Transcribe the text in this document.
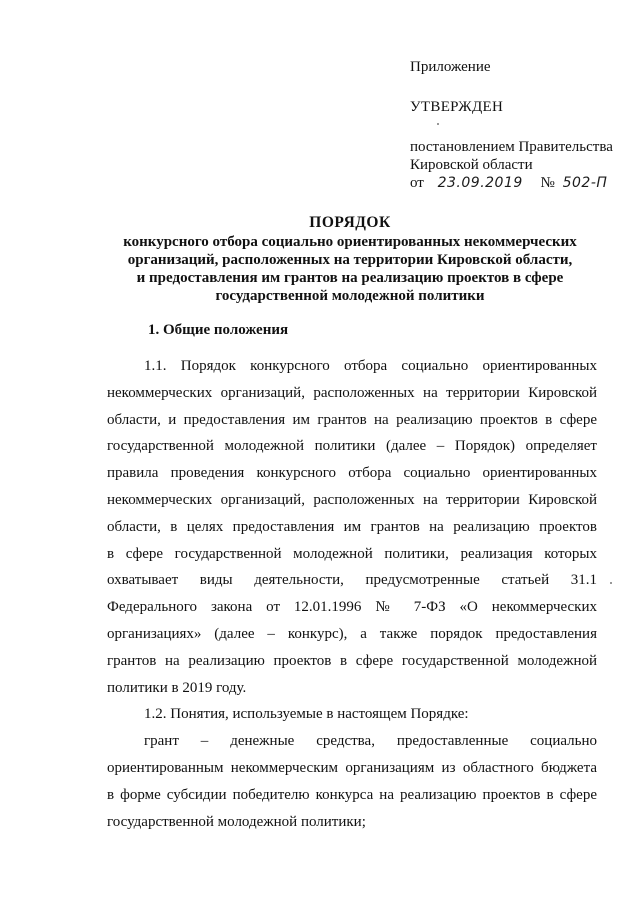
Приложение
УТВЕРЖДЕН
постановлением Правительства
Кировской области
от 23.09.2019 № 502-П
ПОРЯДОК
конкурсного отбора социально ориентированных некоммерческих
организаций, расположенных на территории Кировской области,
и предоставления им грантов на реализацию проектов в сфере
государственной молодежной политики
1. Общие положения

1.1. Порядок конкурсного отбора социально ориентированных
некоммерческих организаций, расположенных на территории Кировской
области, и предоставления им грантов на реализацию проектов в сфере
государственной молодежной политики (далее – Порядок) определяет
правила проведения конкурсного отбора социально ориентированных
некоммерческих организаций, расположенных на территории Кировской
области, в целях предоставления им грантов на реализацию проектов
в сфере государственной молодежной политики, реализация которых
охватывает виды деятельности, предусмотренные статьей 31.1
Федерального закона от 12.01.1996 № 7-ФЗ «О некоммерческих
организациях» (далее – конкурс), а также порядок предоставления
грантов на реализацию проектов в сфере государственной молодежной
политики в 2019 году.

1.2. Понятия, используемые в настоящем Порядке:

грант – денежные средства, предоставленные социально
ориентированным некоммерческим организациям из областного бюджета
в форме субсидии победителю конкурса на реализацию проектов в сфере
государственной молодежной политики;
